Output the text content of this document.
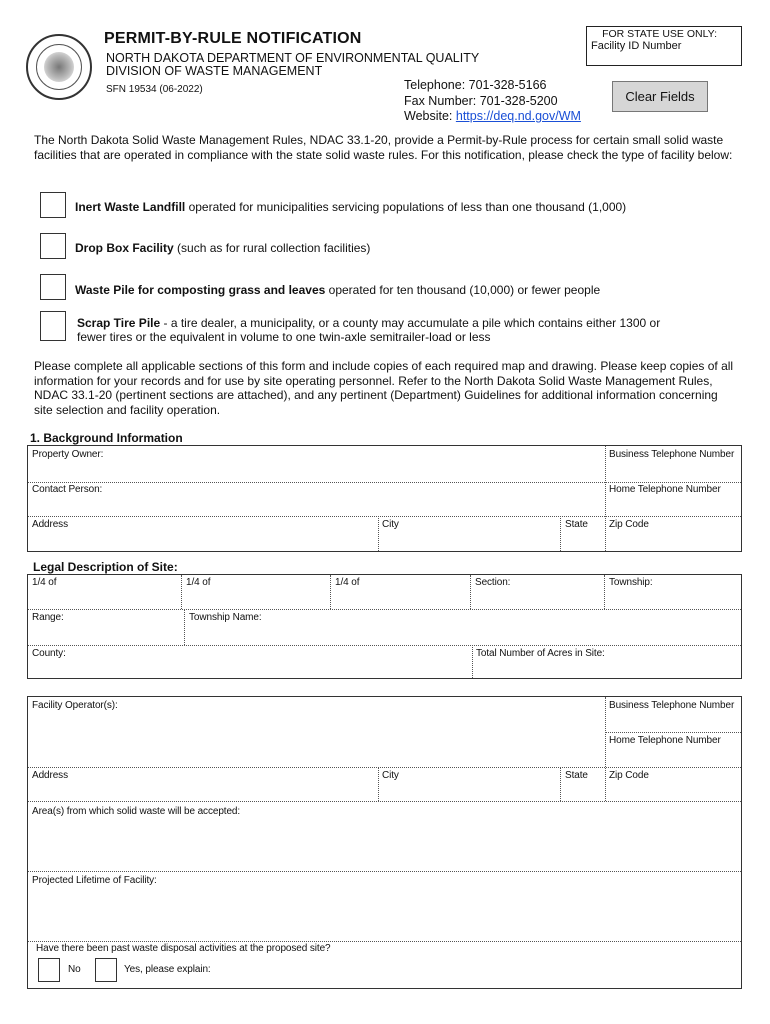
PERMIT-BY-RULE NOTIFICATION
NORTH DAKOTA DEPARTMENT OF ENVIRONMENTAL QUALITY
DIVISION OF WASTE MANAGEMENT
SFN 19534 (06-2022)	Telephone: 701-328-5166
Fax Number: 701-328-5200
Website: https://deq.nd.gov/WM
FOR STATE USE ONLY:
Facility ID Number
Clear Fields
The North Dakota Solid Waste Management Rules, NDAC 33.1-20, provide a Permit-by-Rule process for certain small solid waste facilities that are operated in compliance with the state solid waste rules. For this notification, please check the type of facility below:
Inert Waste Landfill operated for municipalities servicing populations of less than one thousand (1,000)
Drop Box Facility (such as for rural collection facilities)
Waste Pile for composting grass and leaves operated for ten thousand (10,000) or fewer people
Scrap Tire Pile - a tire dealer, a municipality, or a county may accumulate a pile which contains either 1300 or fewer tires or the equivalent in volume to one twin-axle semitrailer-load or less
Please complete all applicable sections of this form and include copies of each required map and drawing. Please keep copies of all information for your records and for use by site operating personnel. Refer to the North Dakota Solid Waste Management Rules, NDAC 33.1-20 (pertinent sections are attached), and any pertinent (Department) Guidelines for additional information concerning site selection and facility operation.
1. Background Information
Property Owner:	Business Telephone Number
Contact Person:	Home Telephone Number
Address	City	State Zip Code
Legal Description of Site:
1/4 of	1/4 of	1/4 of	Section:	Township:
Range:	Township Name:
County:	Total Number of Acres in Site:
Facility Operator(s):	Business Telephone Number
Home Telephone Number
Address	City	State Zip Code
Area(s) from which solid waste will be accepted:
Projected Lifetime of Facility:
Have there been past waste disposal activities at the proposed site?
No	Yes, please explain:
